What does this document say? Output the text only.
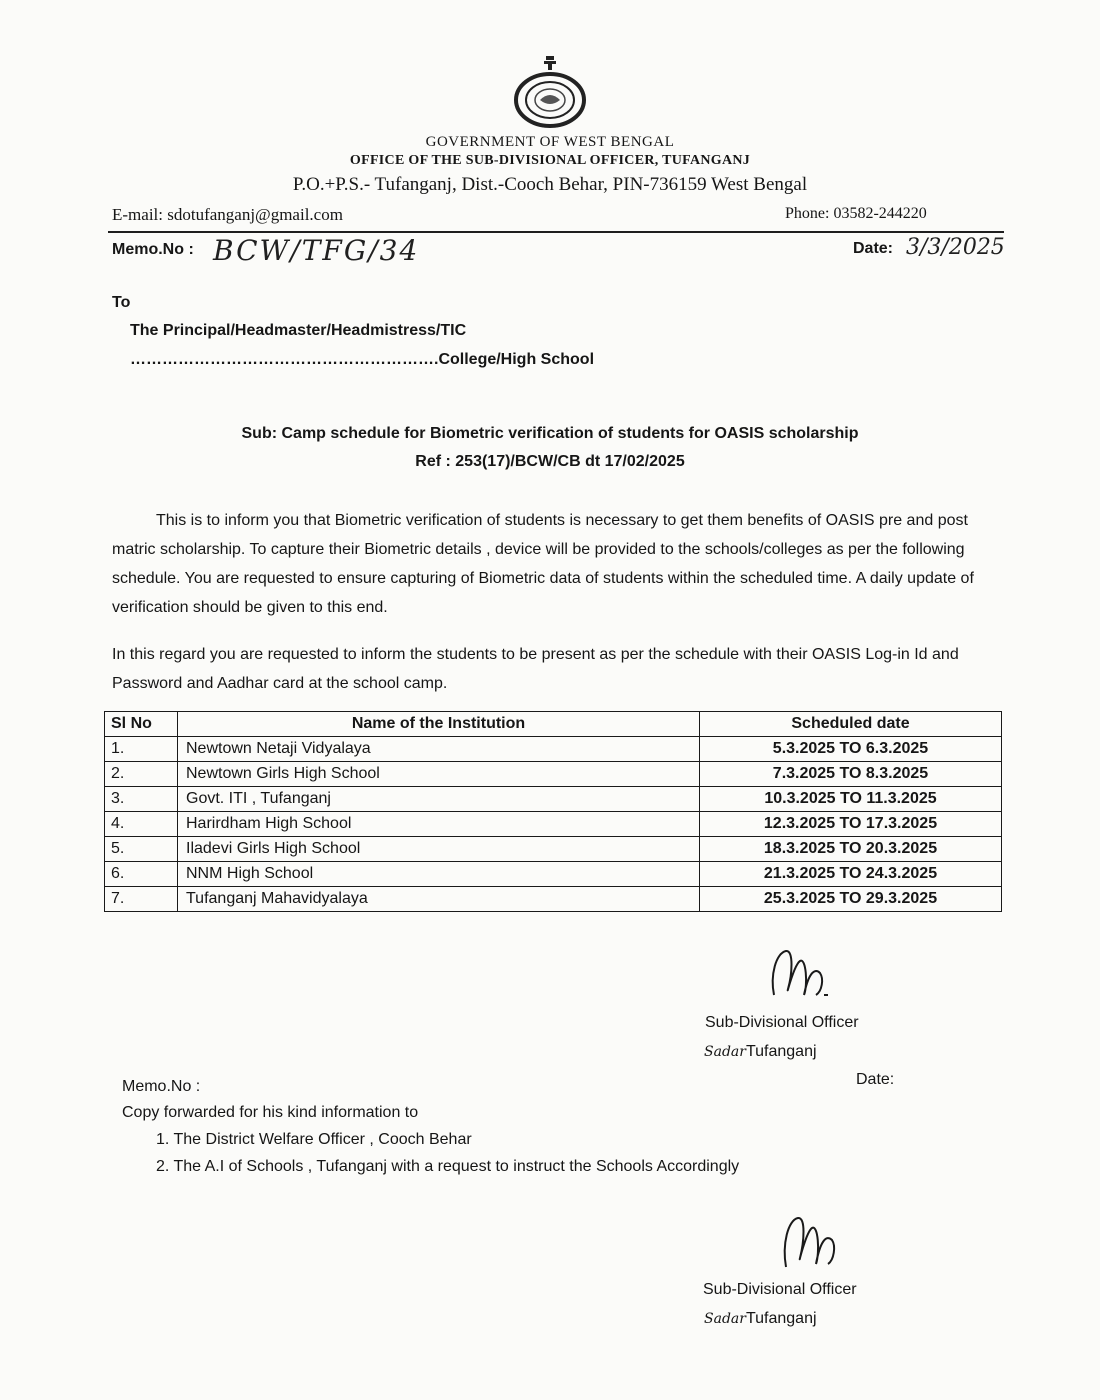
GOVERNMENT OF WEST BENGAL
OFFICE OF THE SUB-DIVISIONAL OFFICER, TUFANGANJ
P.O.+P.S.- Tufanganj, Dist.-Cooch Behar, PIN-736159 West Bengal
E-mail: sdotufanganj@gmail.com	Phone: 03582-244220
Memo.No : BCW/TFG/34	Date: 3/3/2025
To
The Principal/Headmaster/Headmistress/TIC
………………………………………………….College/High School
Sub: Camp schedule for Biometric verification of students for OASIS scholarship
Ref : 253(17)/BCW/CB dt 17/02/2025
This is to inform you that Biometric verification of students is necessary to get them benefits of OASIS pre and post matric scholarship. To capture their Biometric details , device will be provided to the schools/colleges as per the following schedule. You are requested to ensure capturing of Biometric data of students within the scheduled time. A daily update of verification should be given to this end.
In this regard you are requested to inform the students to be present as per the schedule with their OASIS Log-in Id and Password and Aadhar card at the school camp.
Sl No	Name of the Institution	Scheduled date
1.	Newtown Netaji Vidyalaya	5.3.2025 TO 6.3.2025
2.	Newtown Girls High School	7.3.2025 TO 8.3.2025
3.	Govt. ITI , Tufanganj	10.3.2025 TO 11.3.2025
4.	Harirdham High School	12.3.2025 TO 17.3.2025
5.	Iladevi Girls High School	18.3.2025 TO 20.3.2025
6.	NNM High School	21.3.2025 TO 24.3.2025
7.	Tufanganj Mahavidyalaya	25.3.2025 TO 29.3.2025
Sub-Divisional Officer
SadarTufanganj
Memo.No :	Date:
Copy forwarded for his kind information to
1. The District Welfare Officer , Cooch Behar
2. The A.I of Schools , Tufanganj with a request to instruct the Schools Accordingly
Sub-Divisional Officer
SadarTufanganj
